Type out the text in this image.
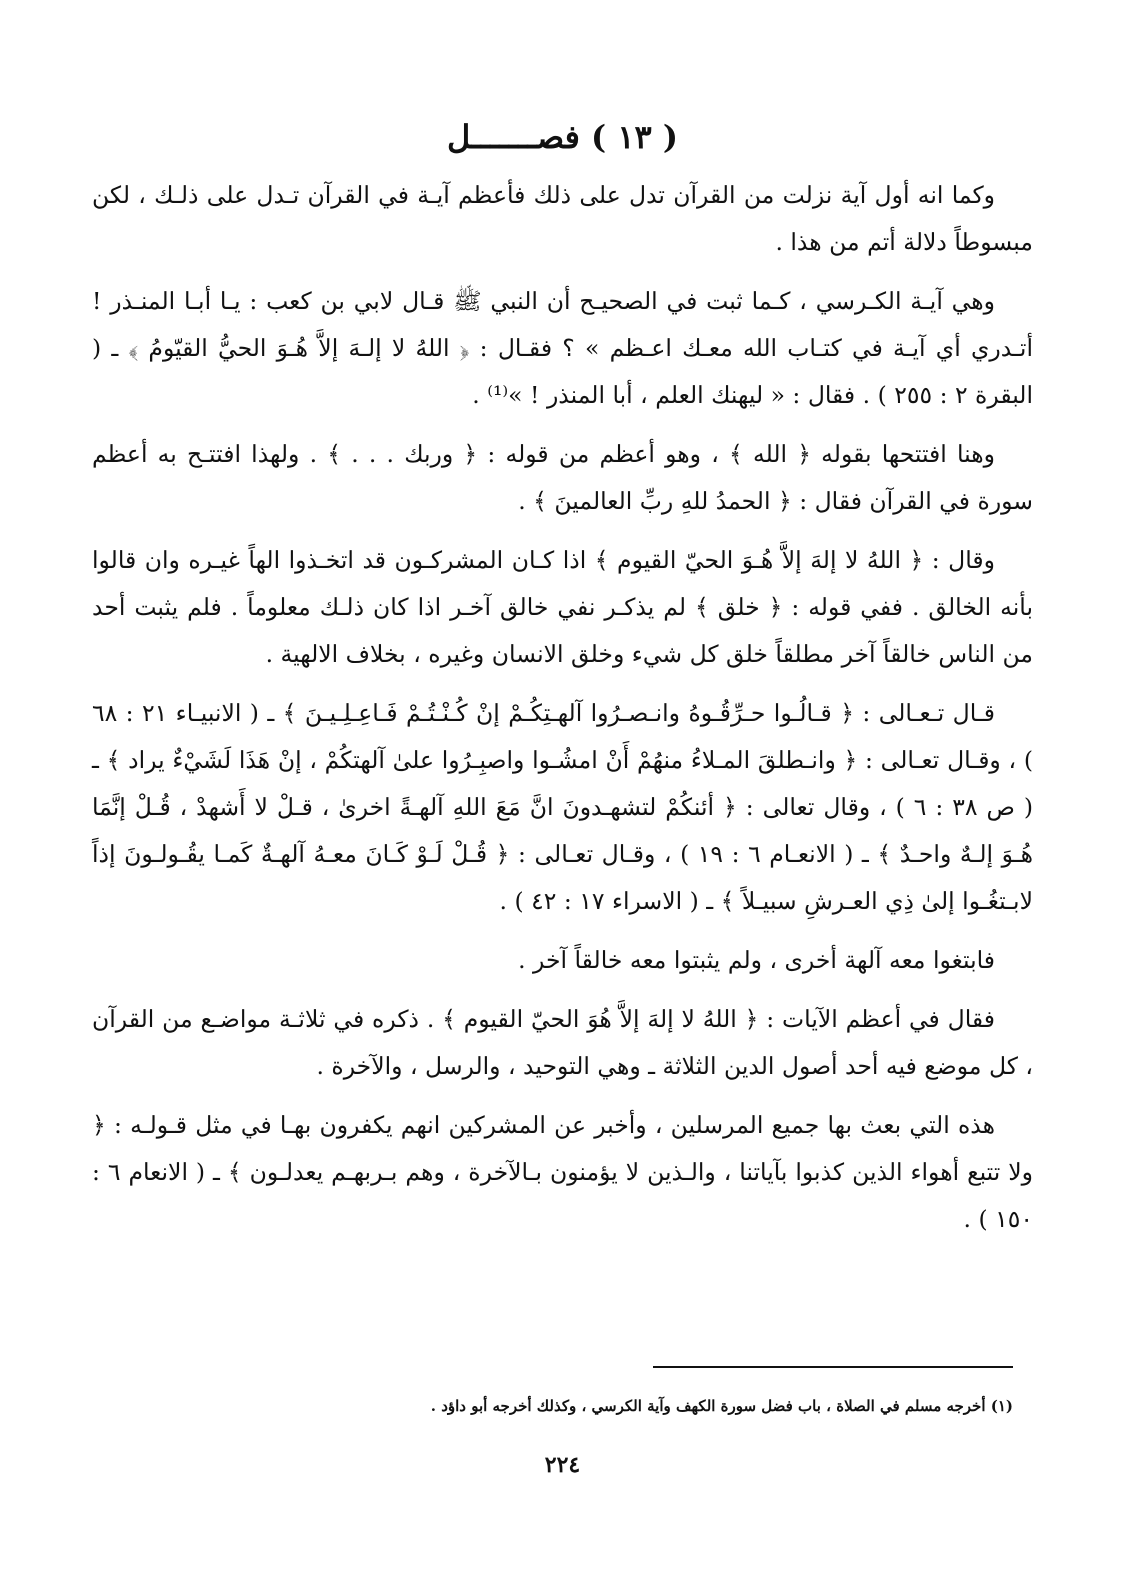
( ١٣ ) فصـــــــل

وكما انه أول آية نزلت من القرآن تدل على ذلك فأعظم آيـة في القرآن تـدل على ذلـك ، لكن مبسوطاً دلالة أتم من هذا .

وهي آيـة الكـرسي ، كـما ثبت في الصحيـح أن النبي ﷺ قـال لابي بن كعب : يـا أبـا المنـذر ! أتـدري أي آيـة في كتـاب الله معـك اعـظم » ؟ فقـال : ﴿ اللهُ لا إلـهَ إلاَّ هُـوَ الحيُّ القيّومُ ﴾ ـ ( البقرة ٢ : ٢٥٥ ) . فقال : « ليهنك العلم ، أبا المنذر ! »⁽¹⁾ .

وهنا افتتحها بقوله ﴿ الله ﴾ ، وهو أعظم من قوله : ﴿ وربك . . . ﴾ . ولهذا افتتـح به أعظم سورة في القرآن فقال : ﴿ الحمدُ للهِ ربِّ العالمينَ ﴾ .

وقال : ﴿ اللهُ لا إلهَ إلاَّ هُـوَ الحيّ القيوم ﴾ اذا كـان المشركـون قد اتخـذوا الهاً غيـره وان قالوا بأنه الخالق . ففي قوله : ﴿ خلق ﴾ لم يذكـر نفي خالق آخـر اذا كان ذلـك معلوماً . فلم يثبت أحد من الناس خالقاً آخر مطلقاً خلق كل شيء وخلق الانسان وغيره ، بخلاف الالهية .

قـال تـعـالى : ﴿ قـالُـوا حـرِّقُـوهُ وانـصـرُوا آلهـتِكُـمْ إنْ كُـنْـتُـمْ فَـاعِـلِـيـنَ ﴾ ـ ( الانبيـاء ٢١ : ٦٨ ) ، وقـال تعـالى : ﴿ وانـطلقَ المـلاءُ منهُمْ أَنْ امشُـوا واصبِـرُوا علىٰ آلهتكُمْ ، إنْ هَذَا لَشَيْءٌ يراد ﴾ ـ ( ص ٣٨ : ٦ ) ، وقال تعالى : ﴿ أئنكُمْ لتشهـدونَ انَّ مَعَ اللهِ آلهـةً اخرىٰ ، قـلْ لا أَشهدْ ، قُـلْ إنَّمَا هُـوَ إلـهٌ واحـدٌ ﴾ ـ ( الانعـام ٦ : ١٩ ) ، وقـال تعـالى : ﴿ قُـلْ لَـوْ كَـانَ معـهُ آلهـةٌ كَمـا يقُـولـونَ إذاً لابـتغُـوا إلىٰ ذِي العـرشِ سبيـلاً ﴾ ـ ( الاسراء ١٧ : ٤٢ ) .

فابتغوا معه آلهة أخرى ، ولم يثبتوا معه خالقاً آخر .

فقال في أعظم الآيات : ﴿ اللهُ لا إلهَ إلاَّ هُوَ الحيّ القيوم ﴾ . ذكره في ثلاثـة مواضـع من القرآن ، كل موضع فيه أحد أصول الدين الثلاثة ـ وهي التوحيد ، والرسل ، والآخرة .

هذه التي بعث بها جميع المرسلين ، وأخبر عن المشركين انهم يكفرون بهـا في مثل قـولـه : ﴿ ولا تتبع أهواء الذين كذبوا بآياتنا ، والـذين لا يؤمنون بـالآخرة ، وهم بـربهـم يعدلـون ﴾ ـ ( الانعام ٦ : ١٥٠ ) .

(١) أخرجه مسلم في الصلاة ، باب فضل سورة الكهف وآية الكرسي ، وكذلك أخرجه أبو داؤد .
٢٢٤
